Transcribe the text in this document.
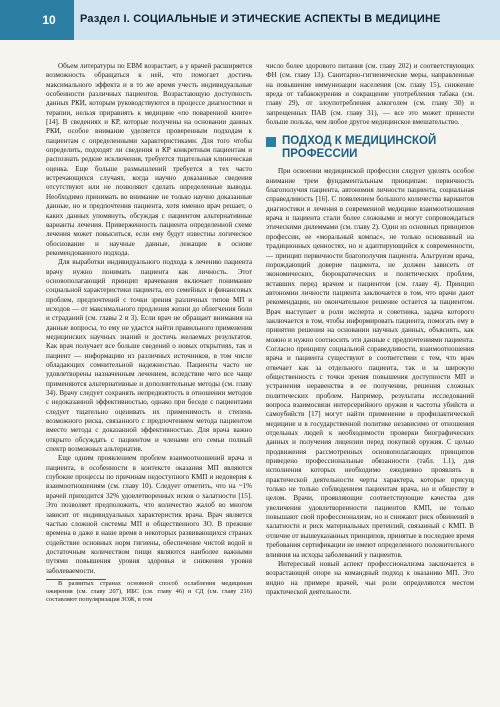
10	Раздел I. СОЦИАЛЬНЫЕ И ЭТИЧЕСКИЕ АСПЕКТЫ В МЕДИЦИНЕ

Объем литературы по EBM возрастает, а у врачей расширяется возможность обращаться к ней, что помогает достичь максимального эффекта и в то же время учесть индивидуальные особенности различных пациентов. Возрастающую доступность данных РКИ, которым руководствуются в процессе диагностики и терапии, нельзя приравнять к медицине «по поваренной книге» [14]. В сведениях и КР, которые получены на основании данных РКИ, особое внимание уделяется проверенным подходам к пациентам с определенными характеристиками. Для того чтобы определить, подходят ли сведения и КР конкретным пациентам и распознать редкие исключения, требуется тщательная клиническая оценка. Еще больше размышлений требуется в тех часто встречающихся случаях, когда научно доказанные сведения отсутствуют или не позволяют сделать определенные выводы. Необходимо принимать во внимание не только научно доказанные данные, но и предпочтения пациента, хотя именно врач решает, о каких данных упомянуть, обсуждая с пациентом альтернативные варианты лечения. Приверженность пациента определенной схеме лечения может повыситься, если ему будут известны логическое обоснование и научные данные, лежащие в основе рекомендованного подхода.

Для выработки индивидуального подхода к лечению пациента врачу нужно понимать пациента как личность. Этот основополагающий принцип врачевания включает понимание социальной характеристики пациента, его семейных и финансовых проблем, предпочтений с точки зрения различных типов МП и исходов — от максимального продления жизни до облегчения боли и страданий (см. главы 2 и 3). Если врач не обращает внимания на данные вопросы, то ему не удастся найти правильного применения медицинских научных знаний и достичь желаемых результатов. Как врач получает все больше сведений о новых открытиях, так и пациент — информацию из различных источников, в том числе обладающих сомнительной надежностью. Пациенты часто не удовлетворены назначенным лечением, вследствие чего все чаще применяются альтернативные и дополнительные методы (см. главу 34). Врачу следует сохранять непредвзятость в отношении методов с недоказанной эффективностью, однако при беседе с пациентами следует тщательно оценивать их применимость и степень возможного риска, связанного с предпочтением метода пациентом вместо метода с доказанной эффективностью. Для врача важно открыто обсуждать с пациентом и членами его семьи полный спектр возможных альтернатив.

Еще одним проявлением проблем взаимоотношений врача и пациента, в особенности в контексте оказания МП являются глубокие процессы по причинам недоступного КМП и недоверия к взаимоотношениям (см. главу 10). Следует отметить, что на ~1% врачей приходится 32% удовлетворенных исков о халатности [15]. Это позволяет предположить, что количество жалоб во многом зависит от индивидуальных характеристик врача. Врач является частью сложной системы МП и общественного ЗО. В прежние времена в даже в наше время в некоторых развивающихся странах содействие основных норм гигиены, обеспечение чистой водой и достаточным количеством пищи являются наиболее важными путями повышения уровня здоровья и снижения уровня заболеваемости.

В развитых странах основной способ ослабления медицинам ожирения (см. главу 207), ИБС (см. главу 46) и СД (см. главу 216) составляют популяризация ЗОЖ, в том

число более здорового питания (см. главу 202) и соответствующих ФН (см. главу 13). Санитарно-гигиенические меры, направленные на повышение иммунизации населения (см. главу 15), снижение вреда от табакокурения и сокращение употребления табака (см. главу 29), от злоупотребления алкоголем (см. главу 30) и запрещенных ПАВ (см. главу 31), — все это может принести больше пользы, чем любое другое медицинское вмешательство.

ПОДХОД К МЕДИЦИНСКОЙ ПРОФЕССИИ

При освоении медицинской профессии следует уделять особое внимание трем фундаментальным принципам: первичность благополучия пациента, автономия личности пациента, социальная справедливость [16]. С появлением большого количества вариантов диагностики и лечения в современной медицине взаимоотношения врача и пациента стали более сложными и могут сопровождаться этическими дилеммами (см. главу 2). Один из основных принципов профессии, ее «моральный компас», не только основанный на традиционных ценностях, но и адаптирующийся к современности, — принцип первичности благополучия пациента. Альтруизм врача, порождающий доверие пациента, не должен зависеть от экономических, бюрократических и политических проблем, вставших перед врачом и пациентом (см. главу 4). Принцип автономии личности пациента заключается в том, что врачи дают рекомендации, но окончательное решение остается за пациентом. Врач выступает в роли эксперта и советника, задача которого заключается в том, чтобы информировать пациента, помогать ему в принятии решения на основании научных данных, объяснять, как можно и нужно соотносить эти данные с предпочтениями пациента. Согласно принципу социальной справедливости, взаимоотношения врача и пациента существуют в соответствии с тем, что врач отвечает как за отдельного пациента, так и за широкую общественность с точки зрения повышения доступности МП и устранения неравенства в ее получении, решения сложных политических проблем. Например, результаты исследований вопроса взаимосвязи интерсерийного оружия и частоты убийств и самоубийств [17] могут найти применение в профилактической медицине и в государственной политике независимо от отношения отдельных людей к необходимости проверки биографических данных и получения лицензии перед покупкой оружия. С целью продвижения рассмотренных основополагающих принципов приведено профессиональные обязанности (табл. 1.1), для исполнения которых необходимо ежедневно проявлять в практической деятельности черты характера, которые присущ только не только соблюдением пациентам врача, но и обществу в целом. Врачи, проявляющие соответствующие качества для увеличения удовлетворенности пациентов КМП, не только повышают свой профессионализм, но и снижают риск обвинений в халатности и риск материальных претензий, связанный с КМП. В отличие от вышеуказанных принципов, принятые в последнее время требования сертификации не имеют определенного положительного влияния на исходы заболеваний у пациентов.

Интересный новый аспект профессионализма заключается в возрастающей опоре на командный подход к оказанию МП. Это видно на примере врачей, чьи роли определяются местом практической деятельности.
